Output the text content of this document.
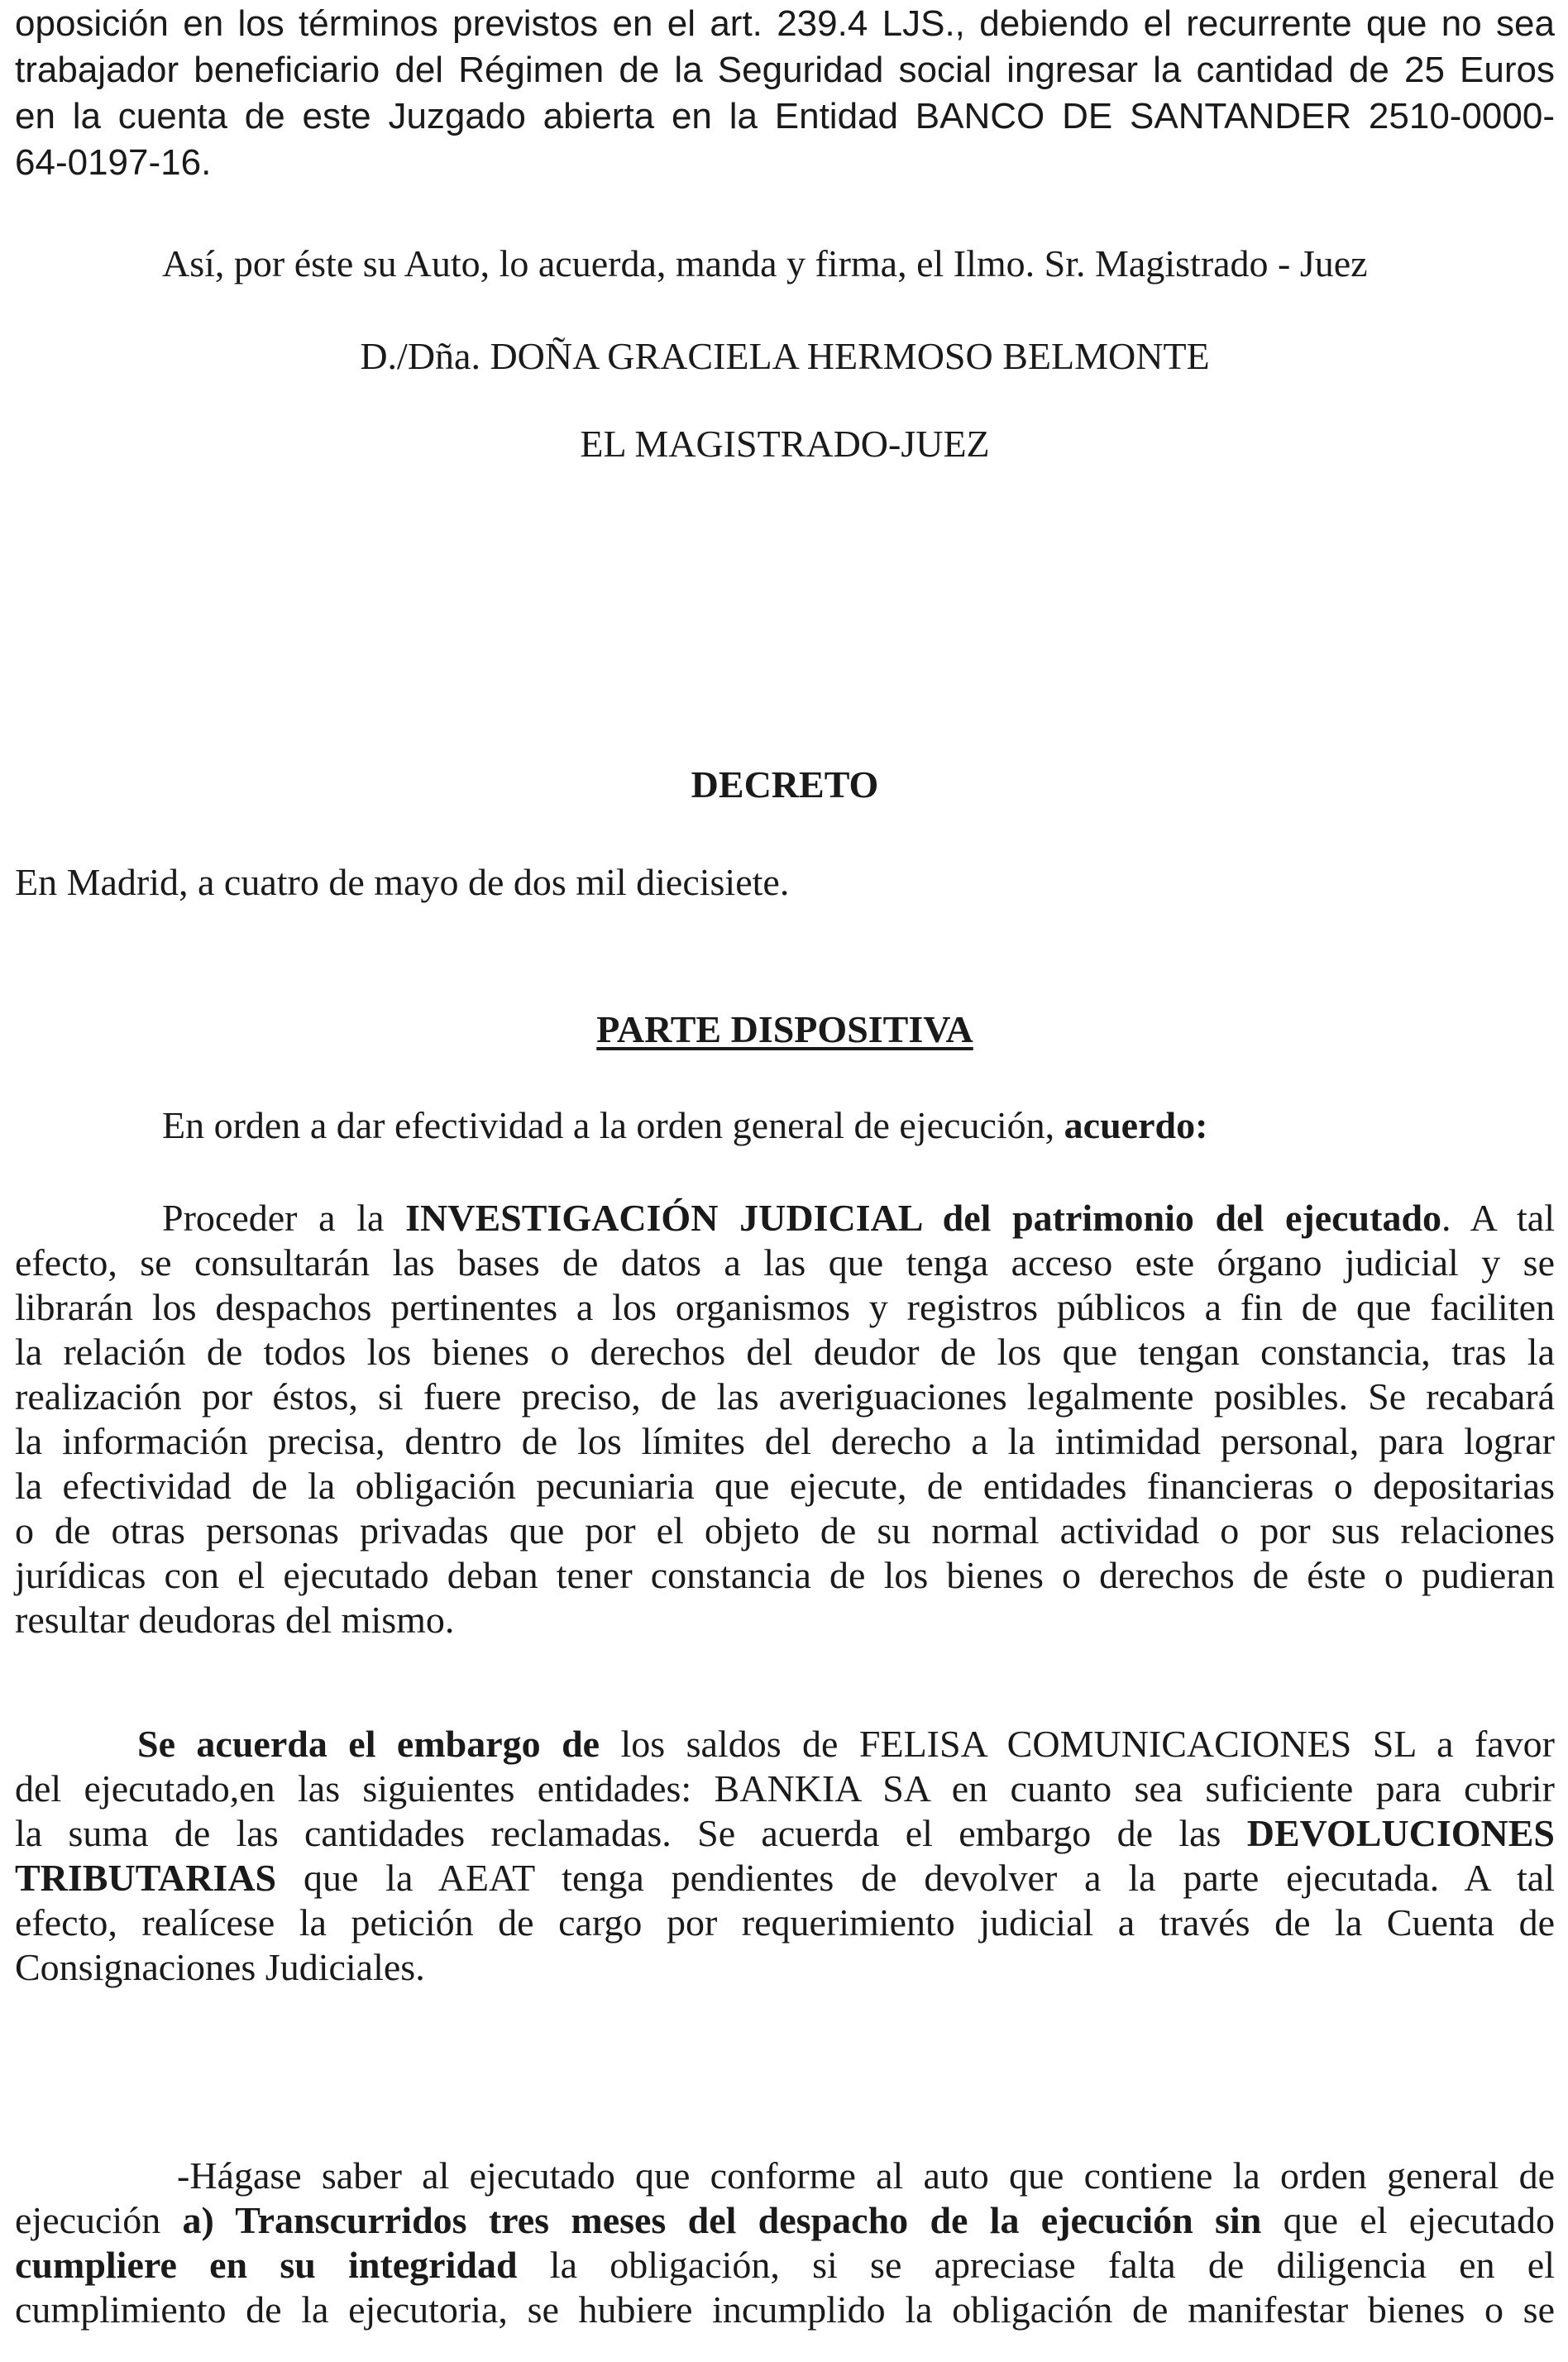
oposición en los términos previstos en el art. 239.4 LJS., debiendo el recurrente que no sea

trabajador beneficiario del Régimen de la Seguridad social ingresar la cantidad de 25 Euros

en la cuenta de este Juzgado abierta en la Entidad BANCO DE SANTANDER 2510-0000-

64-0197-16.

Así, por éste su Auto, lo acuerda, manda y firma, el Ilmo. Sr. Magistrado - Juez

D./Dña. DOÑA GRACIELA HERMOSO BELMONTE

EL MAGISTRADO-JUEZ

DECRETO

En Madrid, a cuatro de mayo de dos mil diecisiete.

PARTE DISPOSITIVA

En orden a dar efectividad a la orden general de ejecución, acuerdo:

Proceder a la INVESTIGACIÓN JUDICIAL del patrimonio del ejecutado. A tal

efecto, se consultarán las bases de datos a las que tenga acceso este órgano judicial y se

librarán los despachos pertinentes a los organismos y registros públicos a fin de que faciliten

la relación de todos los bienes o derechos del deudor de los que tengan constancia, tras la

realización por éstos, si fuere preciso, de las averiguaciones legalmente posibles. Se recabará

la información precisa, dentro de los límites del derecho a la intimidad personal, para lograr

la efectividad de la obligación pecuniaria que ejecute, de entidades financieras o depositarias

o de otras personas privadas que por el objeto de su normal actividad o por sus relaciones

jurídicas con el ejecutado deban tener constancia de los bienes o derechos de éste o pudieran

resultar deudoras del mismo.

Se acuerda el embargo de los saldos de FELISA COMUNICACIONES SL a favor

del ejecutado,en las siguientes entidades: BANKIA SA en cuanto sea suficiente para cubrir

la suma de las cantidades reclamadas. Se acuerda el embargo de las DEVOLUCIONES

TRIBUTARIAS que la AEAT tenga pendientes de devolver a la parte ejecutada. A tal

efecto, realícese la petición de cargo por requerimiento judicial a través de la Cuenta de

Consignaciones Judiciales.

-Hágase saber al ejecutado que conforme al auto que contiene la orden general de

ejecución a) Transcurridos tres meses del despacho de la ejecución sin que el ejecutado

cumpliere en su integridad la obligación, si se apreciase falta de diligencia en el

cumplimiento de la ejecutoria, se hubiere incumplido la obligación de manifestar bienes o se
